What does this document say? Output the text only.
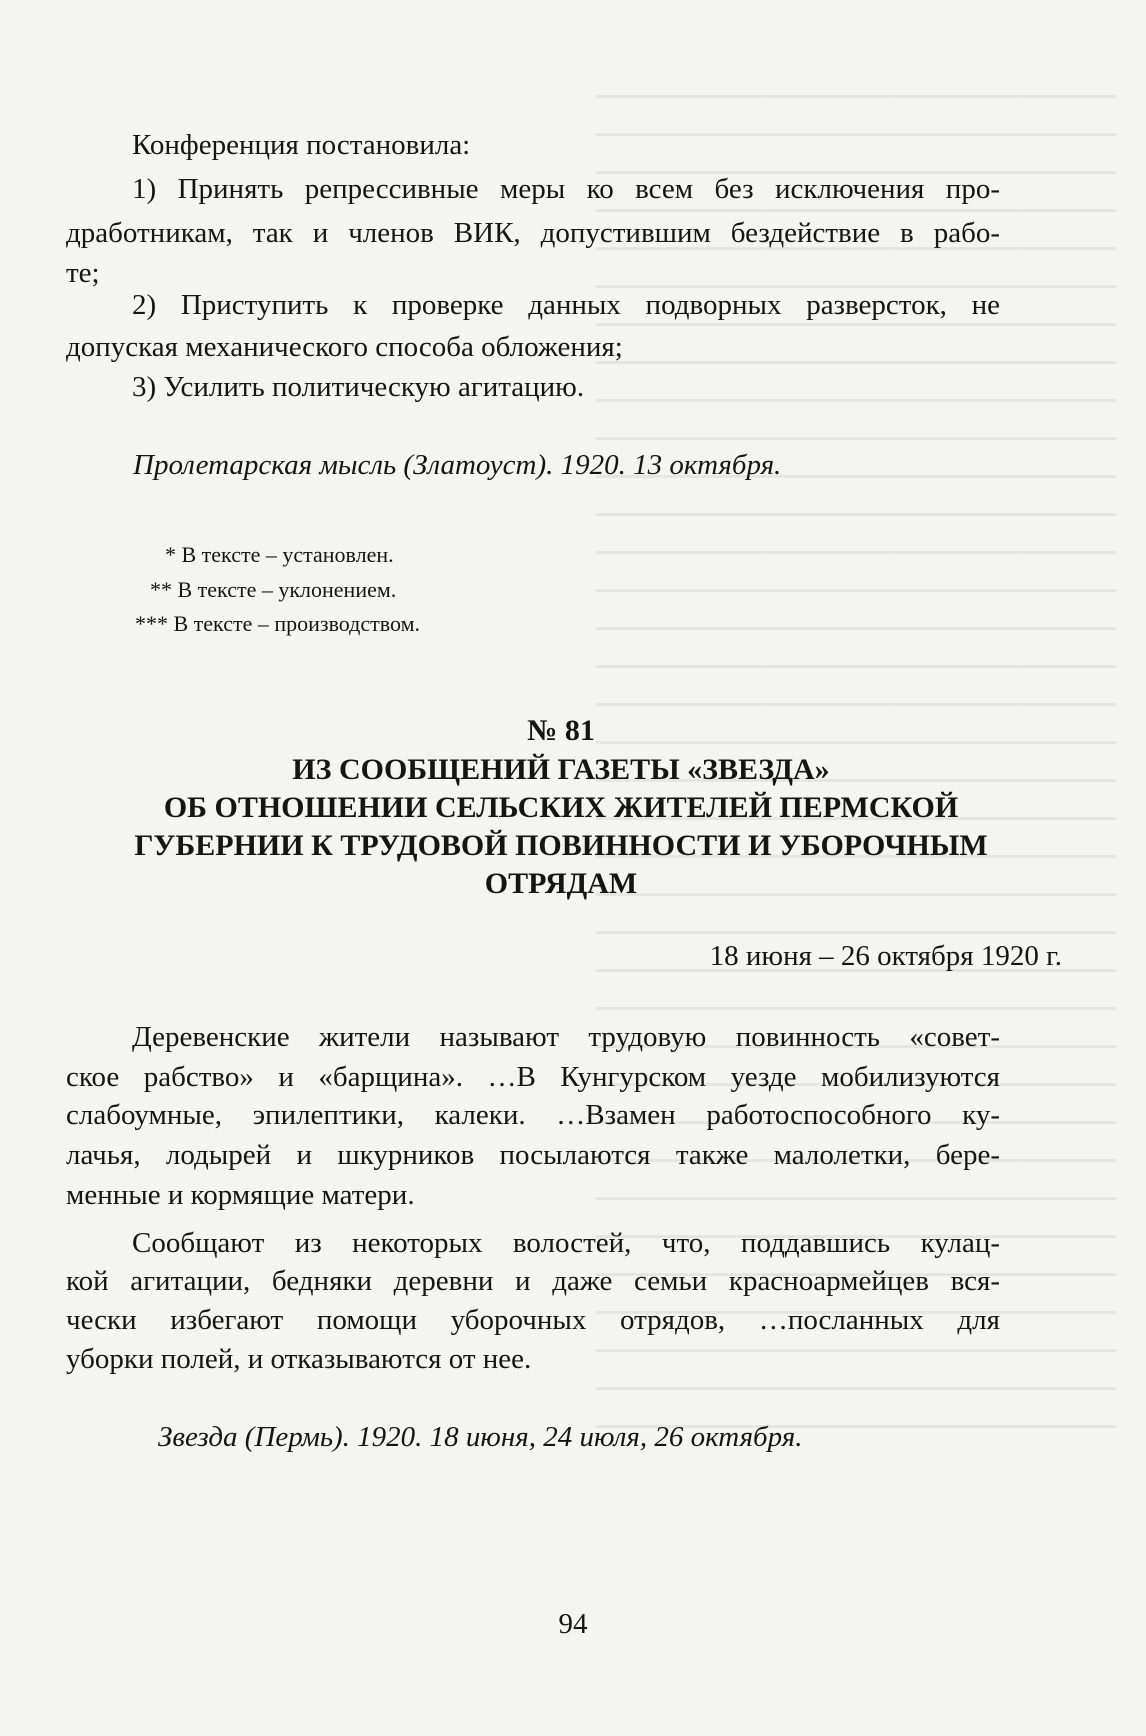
Конференция постановила:
1) Принять репрессивные меры ко всем без исключения про-
дработникам, так и членов ВИК, допустившим бездействие в рабо-
те;
2) Приступить к проверке данных подворных разверсток, не
допуская механического способа обложения;
3) Усилить политическую агитацию.
Пролетарская мысль (Златоуст). 1920. 13 октября.
* В тексте – установлен.
** В тексте – уклонением.
*** В тексте – производством.
№ 81
ИЗ СООБЩЕНИЙ ГАЗЕТЫ «ЗВЕЗДА»
ОБ ОТНОШЕНИИ СЕЛЬСКИХ ЖИТЕЛЕЙ ПЕРМСКОЙ
ГУБЕРНИИ К ТРУДОВОЙ ПОВИННОСТИ И УБОРОЧНЫМ
ОТРЯДАМ
18 июня – 26 октября 1920 г.
Деревенские жители называют трудовую повинность «совет-
ское рабство» и «барщина». …В Кунгурском уезде мобилизуются
слабоумные, эпилептики, калеки. …Взамен работоспособного ку-
лачья, лодырей и шкурников посылаются также малолетки, бере-
менные и кормящие матери.
Сообщают из некоторых волостей, что, поддавшись кулац-
кой агитации, бедняки деревни и даже семьи красноармейцев вся-
чески избегают помощи уборочных отрядов, …посланных для
уборки полей, и отказываются от нее.
Звезда (Пермь). 1920. 18 июня, 24 июля, 26 октября.
94
